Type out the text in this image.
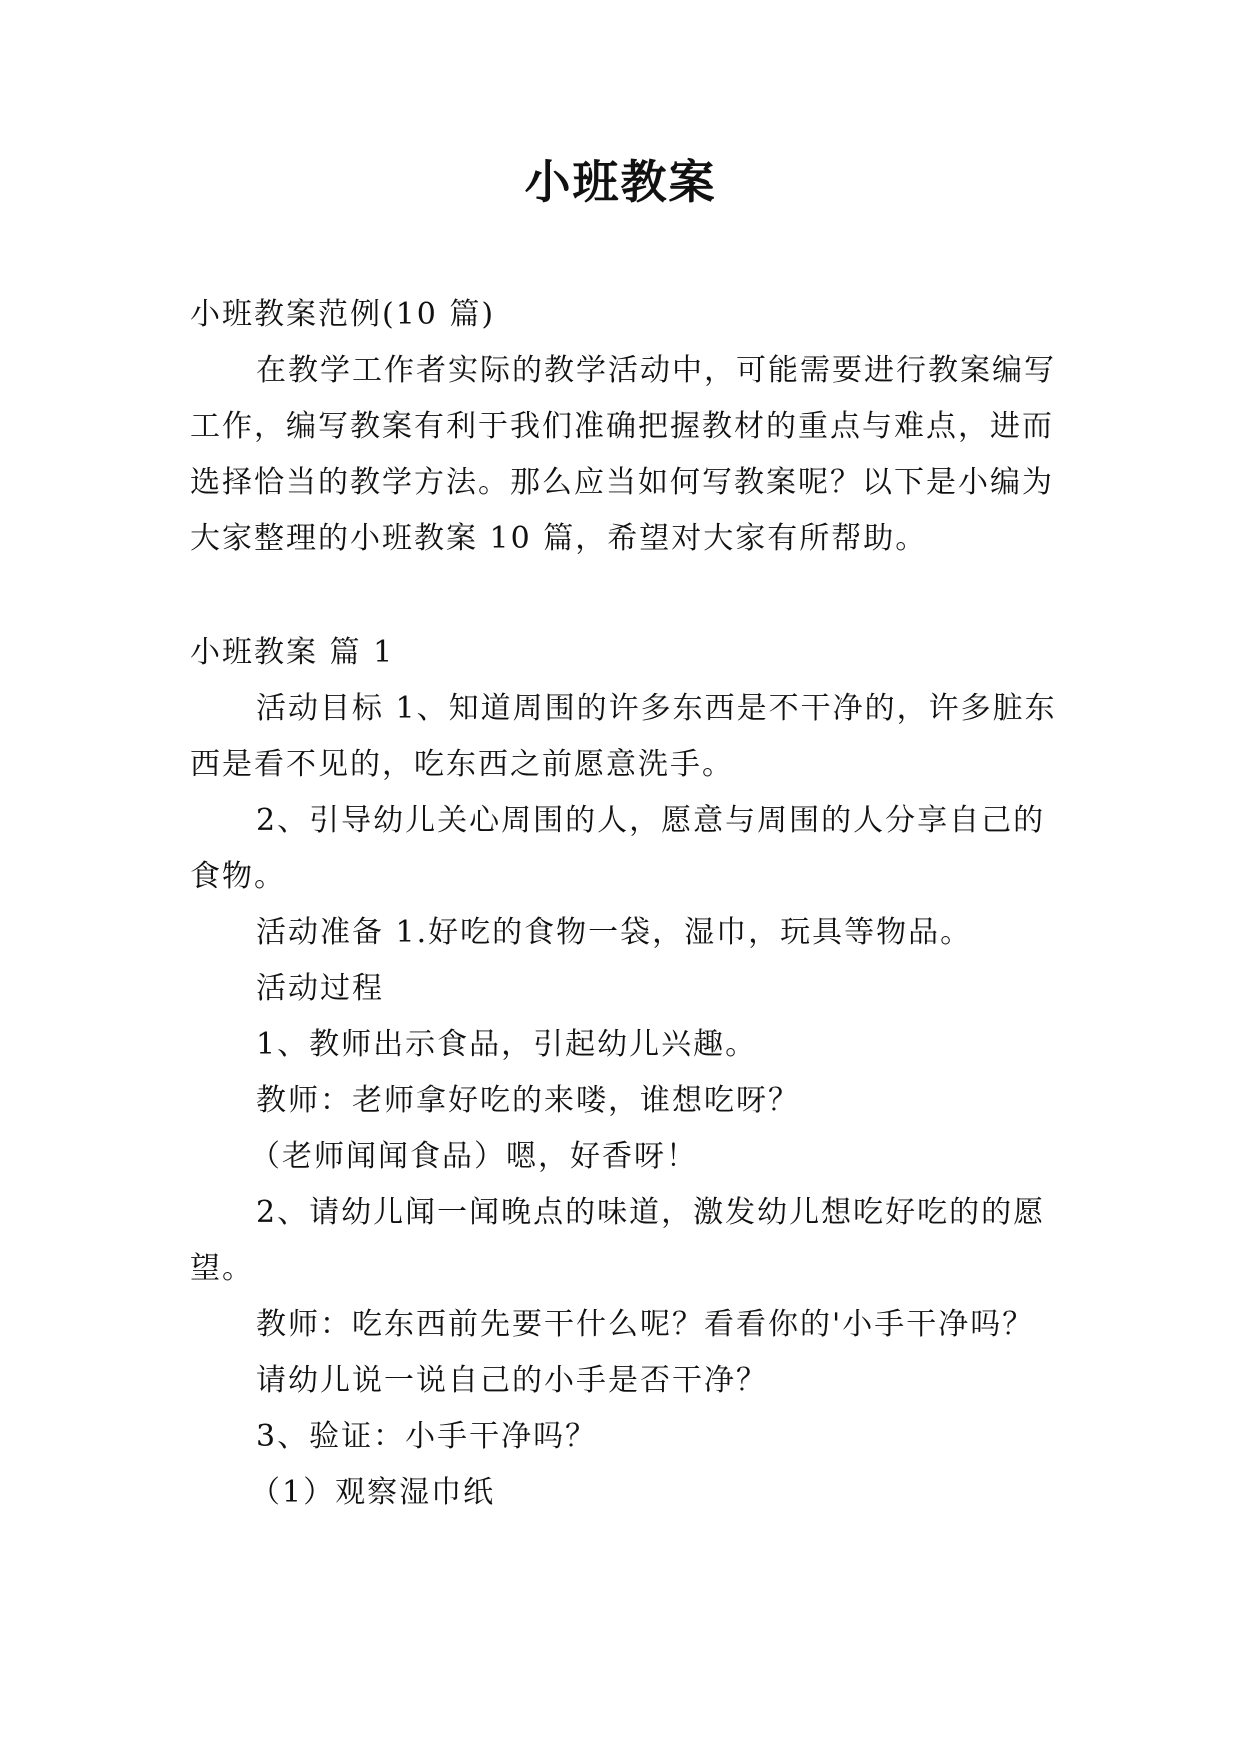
小班教案

小班教案范例(10 篇)

在教学工作者实际的教学活动中，可能需要进行教案编写工作，编写教案有利于我们准确把握教材的重点与难点，进而选择恰当的教学方法。那么应当如何写教案呢？以下是小编为大家整理的小班教案 10 篇，希望对大家有所帮助。

小班教案 篇 1

活动目标 1、知道周围的许多东西是不干净的，许多脏东西是看不见的，吃东西之前愿意洗手。

2、引导幼儿关心周围的人，愿意与周围的人分享自己的食物。

活动准备 1.好吃的食物一袋，湿巾，玩具等物品。

活动过程

1、教师出示食品，引起幼儿兴趣。

教师：老师拿好吃的来喽，谁想吃呀？

（老师闻闻食品）嗯，好香呀！

2、请幼儿闻一闻晚点的味道，激发幼儿想吃好吃的的愿望。

教师：吃东西前先要干什么呢？看看你的'小手干净吗？

请幼儿说一说自己的小手是否干净？

3、验证：小手干净吗？

（1）观察湿巾纸
